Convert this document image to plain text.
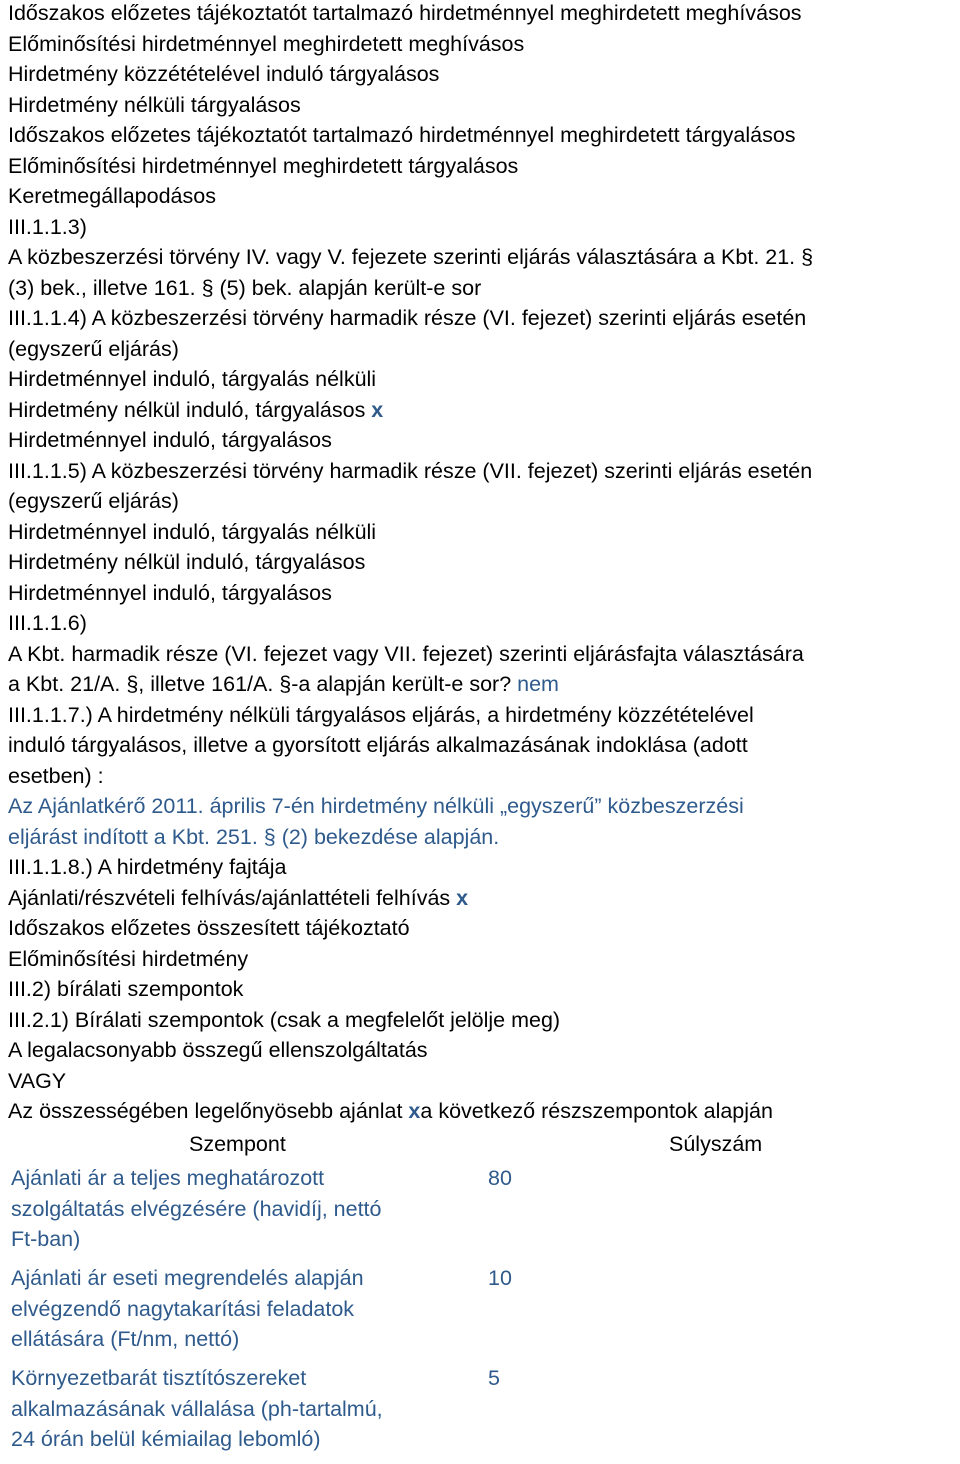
Időszakos előzetes tájékoztatót tartalmazó hirdetménnyel meghirdetett meghívásos
Előminősítési hirdetménnyel meghirdetett meghívásos
Hirdetmény közzétételével induló tárgyalásos
Hirdetmény nélküli tárgyalásos
Időszakos előzetes tájékoztatót tartalmazó hirdetménnyel meghirdetett tárgyalásos
Előminősítési hirdetménnyel meghirdetett tárgyalásos
Keretmegállapodásos
III.1.1.3)
A közbeszerzési törvény IV. vagy V. fejezete szerinti eljárás választására a Kbt. 21. §
(3) bek., illetve 161. § (5) bek. alapján került-e sor
III.1.1.4) A közbeszerzési törvény harmadik része (VI. fejezet) szerinti eljárás esetén
(egyszerű eljárás)
Hirdetménnyel induló, tárgyalás nélküli
Hirdetmény nélkül induló, tárgyalásos x
Hirdetménnyel induló, tárgyalásos
III.1.1.5) A közbeszerzési törvény harmadik része (VII. fejezet) szerinti eljárás esetén
(egyszerű eljárás)
Hirdetménnyel induló, tárgyalás nélküli
Hirdetmény nélkül induló, tárgyalásos
Hirdetménnyel induló, tárgyalásos
III.1.1.6)
A Kbt. harmadik része (VI. fejezet vagy VII. fejezet) szerinti eljárásfajta választására
a Kbt. 21/A. §, illetve 161/A. §-a alapján került-e sor? nem
III.1.1.7.) A hirdetmény nélküli tárgyalásos eljárás, a hirdetmény közzétételével
induló tárgyalásos, illetve a gyorsított eljárás alkalmazásának indoklása (adott
esetben) :
Az Ajánlatkérő 2011. április 7-én hirdetmény nélküli „egyszerű” közbeszerzési
eljárást indított a Kbt. 251. § (2) bekezdése alapján.
III.1.1.8.) A hirdetmény fajtája
Ajánlati/részvételi felhívás/ajánlattételi felhívás x
Időszakos előzetes összesített tájékoztató
Előminősítési hirdetmény
III.2) bírálati szempontok
III.2.1) Bírálati szempontok (csak a megfelelőt jelölje meg)
A legalacsonyabb összegű ellenszolgáltatás
VAGY
Az összességében legelőnyösebb ajánlat xa következő részszempontok alapján
Szempont	Súlyszám
Ajánlati ár a teljes meghatározott
szolgáltatás elvégzésére (havidíj, nettó
Ft-ban)
80
Ajánlati ár eseti megrendelés alapján
elvégzendő nagytakarítási feladatok
ellátására (Ft/nm, nettó)
10
Környezetbarát tisztítószereket
alkalmazásának vállalása (ph-tartalmú,
24 órán belül kémiailag lebomló)
5
